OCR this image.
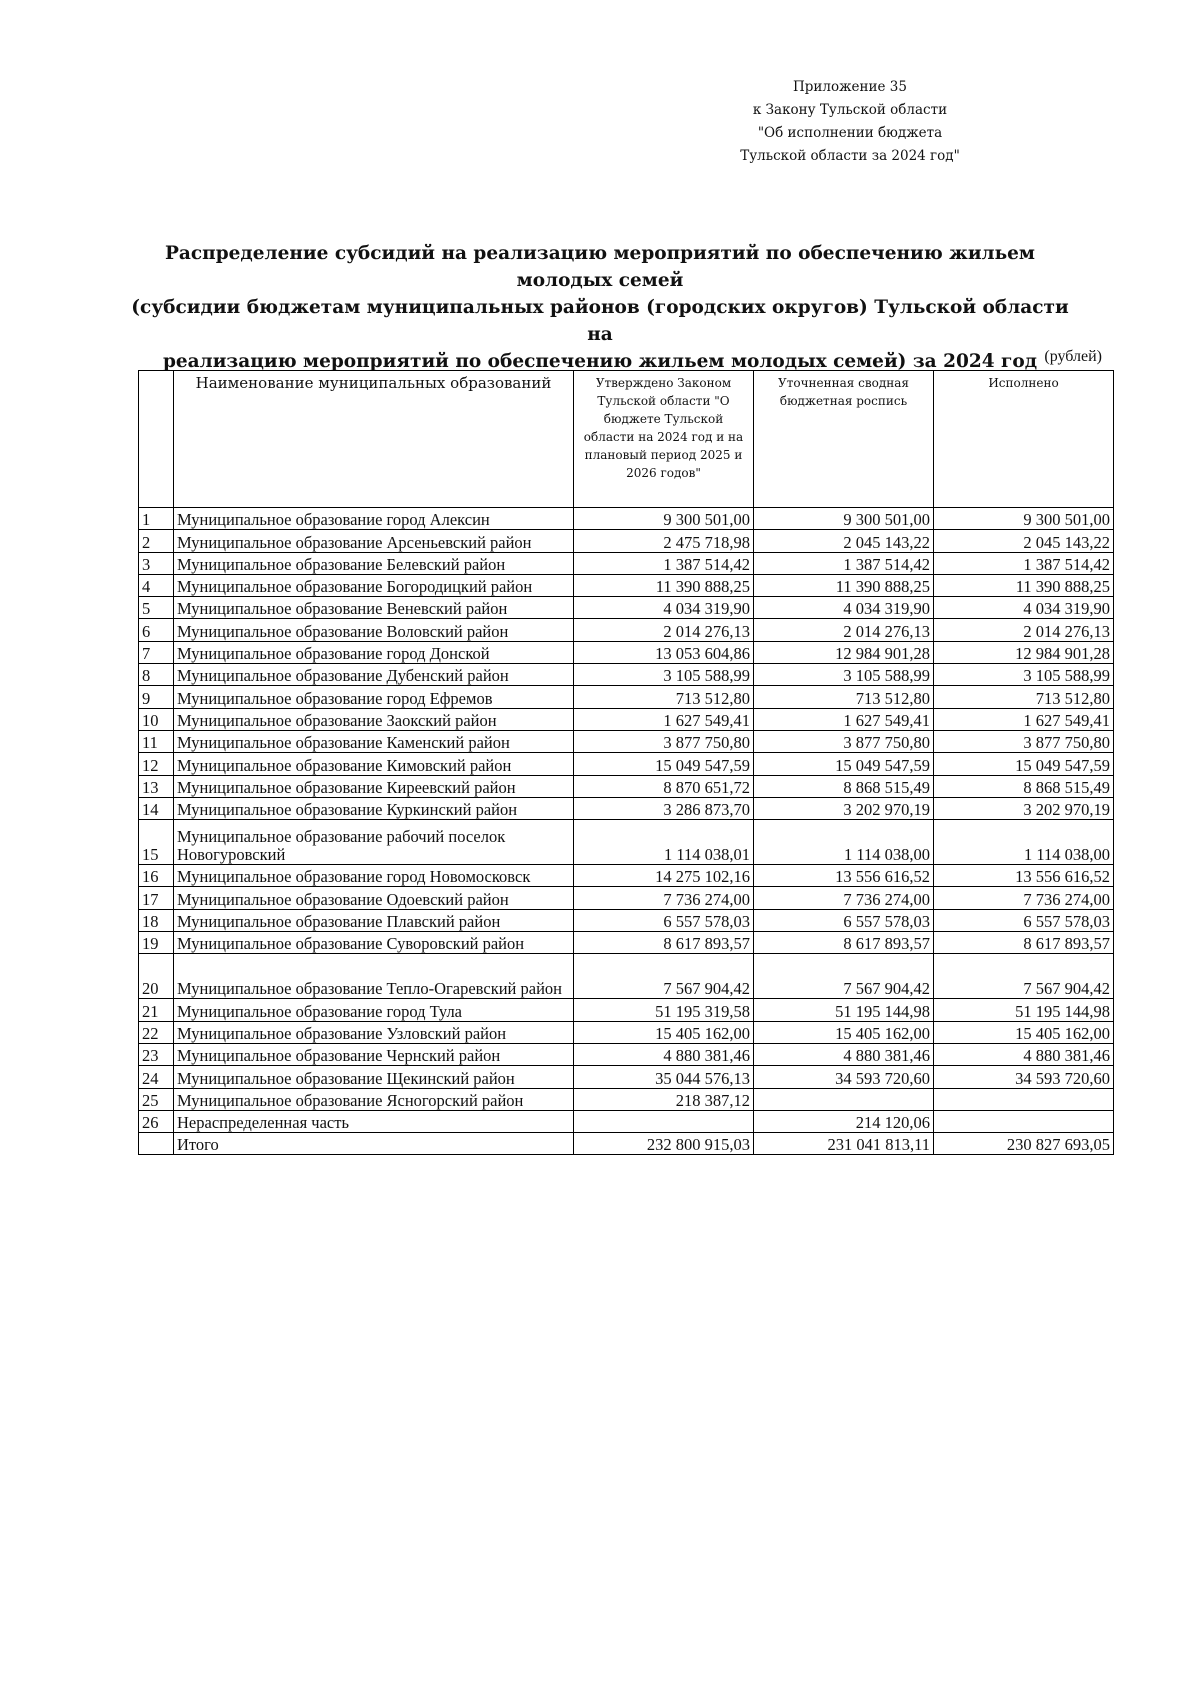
Приложение 35
к Закону Тульской области
"Об исполнении бюджета
Тульской области за 2024 год"
Распределение субсидий на реализацию мероприятий по обеспечению жильем молодых семей
(субсидии бюджетам муниципальных районов (городских округов) Тульской области на
реализацию мероприятий по обеспечению жильем молодых семей) за 2024 год (рублей)
	Наименование муниципальных образований	Утверждено Законом Тульской области "О бюджете Тульской области на 2024 год и на плановый период 2025 и 2026 годов"	Уточненная сводная бюджетная роспись	Исполнено
1	Муниципальное образование город Алексин	9 300 501,00	9 300 501,00	9 300 501,00
2	Муниципальное образование Арсеньевский район	2 475 718,98	2 045 143,22	2 045 143,22
3	Муниципальное образование Белевский район	1 387 514,42	1 387 514,42	1 387 514,42
4	Муниципальное образование Богородицкий район	11 390 888,25	11 390 888,25	11 390 888,25
5	Муниципальное образование Веневский район	4 034 319,90	4 034 319,90	4 034 319,90
6	Муниципальное образование Воловский район	2 014 276,13	2 014 276,13	2 014 276,13
7	Муниципальное образование город Донской	13 053 604,86	12 984 901,28	12 984 901,28
8	Муниципальное образование Дубенский район	3 105 588,99	3 105 588,99	3 105 588,99
9	Муниципальное образование город Ефремов	713 512,80	713 512,80	713 512,80
10	Муниципальное образование Заокский район	1 627 549,41	1 627 549,41	1 627 549,41
11	Муниципальное образование Каменский район	3 877 750,80	3 877 750,80	3 877 750,80
12	Муниципальное образование Кимовский район	15 049 547,59	15 049 547,59	15 049 547,59
13	Муниципальное образование Киреевский район	8 870 651,72	8 868 515,49	8 868 515,49
14	Муниципальное образование Куркинский район	3 286 873,70	3 202 970,19	3 202 970,19
15	Муниципальное образование рабочий поселок Новогуровский	1 114 038,01	1 114 038,00	1 114 038,00
16	Муниципальное образование город Новомосковск	14 275 102,16	13 556 616,52	13 556 616,52
17	Муниципальное образование Одоевский район	7 736 274,00	7 736 274,00	7 736 274,00
18	Муниципальное образование Плавский район	6 557 578,03	6 557 578,03	6 557 578,03
19	Муниципальное образование Суворовский район	8 617 893,57	8 617 893,57	8 617 893,57
20	Муниципальное образование Тепло-Огаревский район	7 567 904,42	7 567 904,42	7 567 904,42
21	Муниципальное образование город Тула	51 195 319,58	51 195 144,98	51 195 144,98
22	Муниципальное образование Узловский район	15 405 162,00	15 405 162,00	15 405 162,00
23	Муниципальное образование Чернский район	4 880 381,46	4 880 381,46	4 880 381,46
24	Муниципальное образование Щекинский район	35 044 576,13	34 593 720,60	34 593 720,60
25	Муниципальное образование Ясногорский район	218 387,12		
26	Нераспределенная часть		214 120,06	
	Итого	232 800 915,03	231 041 813,11	230 827 693,05
